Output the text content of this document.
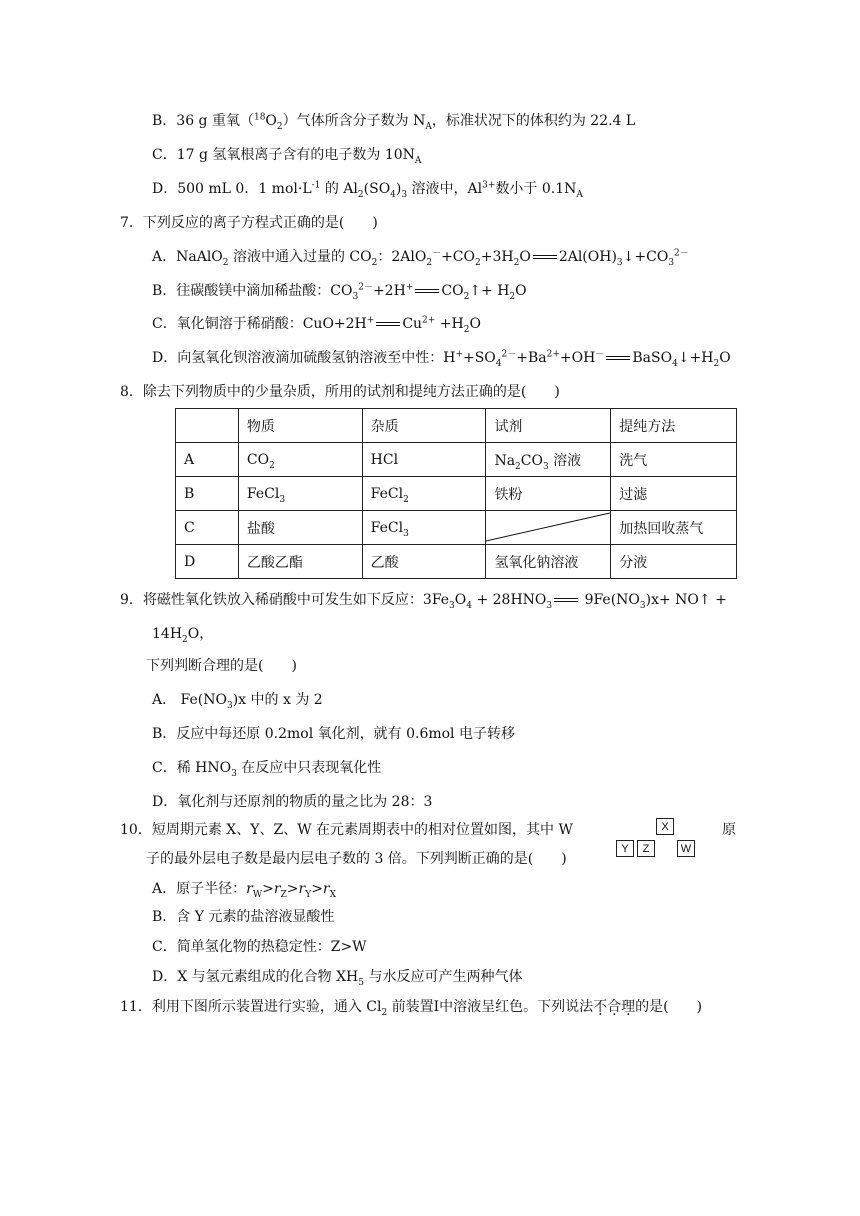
B．36 g 重氧$(^{18}O_2)$气体所含分子数为 $N_A$，标准状况下的体积约为 22.4 L
C．17 g 氢氧根离子含有的电子数为 $10N_A$
D．500 mL 0．1 $mol\cdot L^{-1}$ 的 $Al_2(SO_4)_3$ 溶液中，$Al^{3+}$数小于 $0.1N_A$
7．下列反应的离子方程式正确的是(　　)
A．NaAlO$_2$ 溶液中通入过量的 $CO_2$：$2AlO_2^-+CO_2+3H_2O$ $2Al(OH)_3↓+CO_3^{2-}$
B．往碳酸镁中滴加稀盐酸：$CO_3^{2-}+2H^+$ $CO_2↑+ H_2O$
C．氧化铜溶于稀硝酸：CuO+2H+ $Cu^{2+} +H_2O$
D．向氢氧化钡溶液滴加硫酸氢钠溶液至中性：$H^++SO_4^{2-}+Ba^{2+}+OH^-$ $BaSO_4↓+H_2O$
8．除去下列物质中的少量杂质，所用的试剂和提纯方法正确的是(　　)
	物质	杂质	试剂	提纯方法
A	$CO_2$	HCl	$Na_2CO_3$ 溶液	洗气
B	FeCl$_3$	FeCl$_2$	铁粉	过滤
C	盐酸	FeCl$_3$		加热回收蒸气
D	乙酸乙酯	乙酸	氢氧化钠溶液	分液
9．将磁性氧化铁放入稀硝酸中可发生如下反应：$3Fe_3O_4 + 28HNO_3$ $9Fe(NO_3)x+$ NO↑ +
$14H_2O$，
下列判断合理的是(　　)
A． $Fe(NO_3)x$ 中的 x 为 2
B．反应中每还原 0.2mol 氧化剂，就有 0.6mol 电子转移
C．稀 $HNO_3$ 在反应中只表现氧化性
D．氧化剂与还原剂的物质的量之比为 28：3
10．短周期元素 X、Y、Z、W 在元素周期表中的相对位置如图，其中 W	X
Y	Z	W
原
子的最外层电子数是最内层电子数的 3 倍。下列判断正确的是(　　)
A．原子半径：$r_W>r_Z>r_Y>r_X$
B．含 Y 元素的盐溶液显酸性
C．简单氢化物的热稳定性：Z>W
D．X 与氢元素组成的化合物 $XH_5$ 与水反应可产生两种气体
11．利用下图所示装置进行实验，通入 $Cl_2$ 前装置Ⅰ中溶液呈红色。下列说法不合理的是(　　)
